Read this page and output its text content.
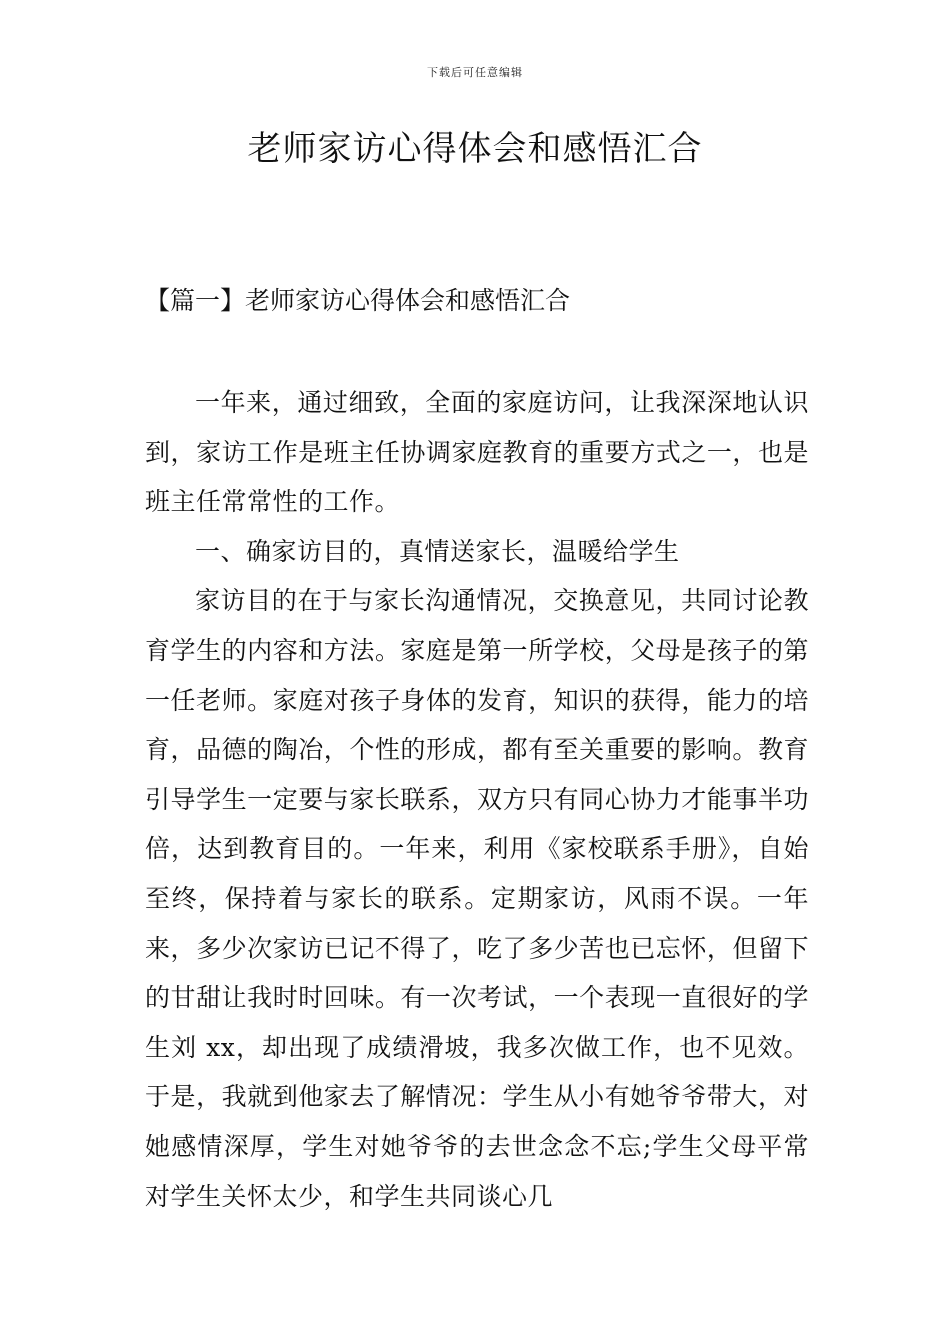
下载后可任意编辑
老师家访心得体会和感悟汇合
【篇一】老师家访心得体会和感悟汇合

一年来，通过细致，全面的家庭访问，让我深深地认识到，家访工作是班主任协调家庭教育的重要方式之一，也是班主任常常性的工作。

一、确家访目的，真情送家长，温暖给学生

家访目的在于与家长沟通情况，交换意见，共同讨论教育学生的内容和方法。家庭是第一所学校，父母是孩子的第一任老师。家庭对孩子身体的发育，知识的获得，能力的培育，品德的陶冶，个性的形成，都有至关重要的影响。教育引导学生一定要与家长联系，双方只有同心协力才能事半功倍，达到教育目的。一年来，利用《家校联系手册》，自始至终，保持着与家长的联系。定期家访，风雨不误。一年来，多少次家访已记不得了，吃了多少苦也已忘怀，但留下的甘甜让我时时回味。有一次考试，一个表现一直很好的学生刘 xx，却出现了成绩滑坡，我多次做工作，也不见效。于是，我就到他家去了解情况：学生从小有她爷爷带大，对她感情深厚，学生对她爷爷的去世念念不忘;学生父母平常对学生关怀太少，和学生共同谈心几
